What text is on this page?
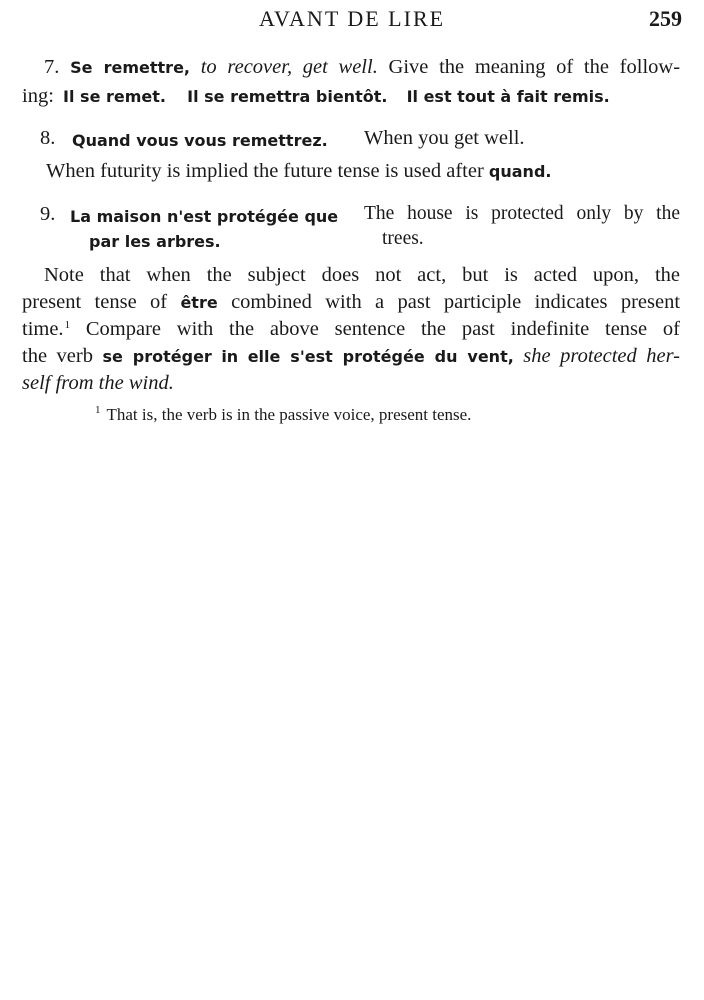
AVANT DE LIRE	259
7. Se remettre, to recover, get well. Give the meaning of the follow-
ing: Il se remet. Il se remettra bientôt. Il est tout à fait remis.
8. Quand vous vous remettrez. When you get well.
When futurity is implied the future tense is used after quand.
9. La maison n'est protégée que
par les arbres.
The house is protected only by the
trees.
Note that when the subject does not act, but is acted upon, the
present tense of être combined with a past participle indicates present
time.$^1$ Compare with the above sentence the past indefinite tense of
the verb se protéger in elle s'est protégée du vent, she protected her-
self from the wind.
$^1$ That is, the verb is in the passive voice, present tense.
